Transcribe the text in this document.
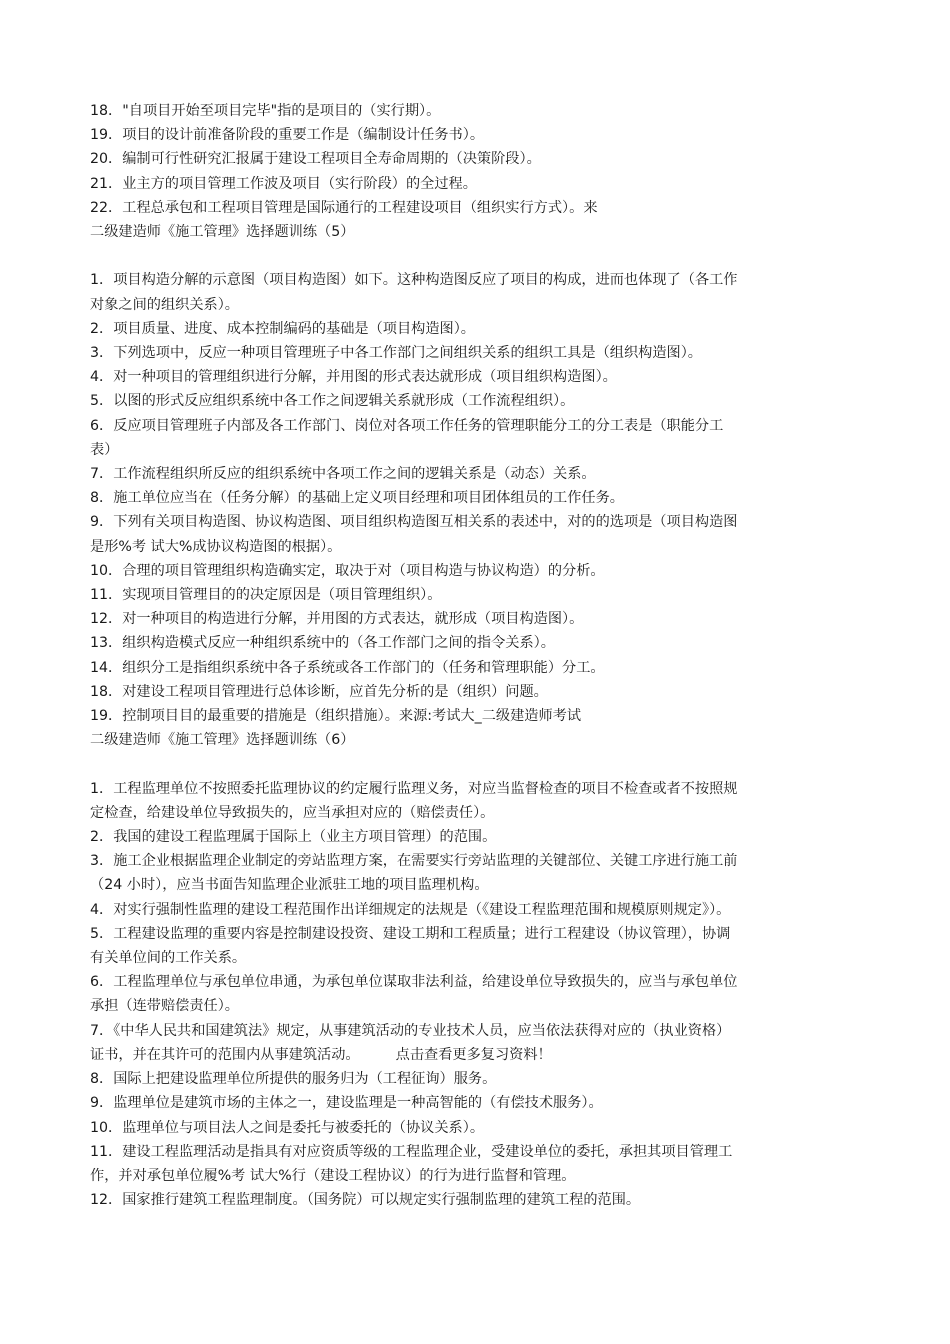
18．"自项目开始至项目完毕"指的是项目的（实行期）。
19．项目的设计前准备阶段的重要工作是（编制设计任务书）。
20．编制可行性研究汇报属于建设工程项目全寿命周期的（决策阶段）。
21．业主方的项目管理工作波及项目（实行阶段）的全过程。
22．工程总承包和工程项目管理是国际通行的工程建设项目（组织实行方式）。来
二级建造师《施工管理》选择题训练（5）
1．项目构造分解的示意图（项目构造图）如下。这种构造图反应了项目的构成，进而也体现了（各工作
对象之间的组织关系）。
2．项目质量、进度、成本控制编码的基础是（项目构造图）。
3．下列选项中，反应一种项目管理班子中各工作部门之间组织关系的组织工具是（组织构造图）。
4．对一种项目的管理组织进行分解，并用图的形式表达就形成（项目组织构造图）。
5．以图的形式反应组织系统中各工作之间逻辑关系就形成（工作流程组织）。
6．反应项目管理班子内部及各工作部门、岗位对各项工作任务的管理职能分工的分工表是（职能分工
表）
7．工作流程组织所反应的组织系统中各项工作之间的逻辑关系是（动态）关系。
8．施工单位应当在（任务分解）的基础上定义项目经理和项目团体组员的工作任务。
9．下列有关项目构造图、协议构造图、项目组织构造图互相关系的表述中，对的的选项是（项目构造图
是形%考 试大%成协议构造图的根据）。
10．合理的项目管理组织构造确实定，取决于对（项目构造与协议构造）的分析。
11．实现项目管理目的的决定原因是（项目管理组织）。
12．对一种项目的构造进行分解，并用图的方式表达，就形成（项目构造图）。
13．组织构造模式反应一种组织系统中的（各工作部门之间的指令关系）。
14．组织分工是指组织系统中各子系统或各工作部门的（任务和管理职能）分工。
18．对建设工程项目管理进行总体诊断，应首先分析的是（组织）问题。
19．控制项目目的最重要的措施是（组织措施）。来源:考试大_二级建造师考试
二级建造师《施工管理》选择题训练（6）
1．工程监理单位不按照委托监理协议的约定履行监理义务，对应当监督检查的项目不检查或者不按照规
定检查，给建设单位导致损失的，应当承担对应的（赔偿责任）。
2．我国的建设工程监理属于国际上（业主方项目管理）的范围。
3．施工企业根据监理企业制定的旁站监理方案，在需要实行旁站监理的关键部位、关键工序进行施工前
（24 小时），应当书面告知监理企业派驻工地的项目监理机构。
4．对实行强制性监理的建设工程范围作出详细规定的法规是（《建设工程监理范围和规模原则规定》）。
5．工程建设监理的重要内容是控制建设投资、建设工期和工程质量；进行工程建设（协议管理），协调
有关单位间的工作关系。
6．工程监理单位与承包单位串通，为承包单位谋取非法利益，给建设单位导致损失的，应当与承包单位
承担（连带赔偿责任）。
7．《中华人民共和国建筑法》规定，从事建筑活动的专业技术人员，应当依法获得对应的（执业资格）
证书，并在其许可的范围内从事建筑活动。        点击查看更多复习资料！
8．国际上把建设监理单位所提供的服务归为（工程征询）服务。
9．监理单位是建筑市场的主体之一，建设监理是一种高智能的（有偿技术服务）。
10．监理单位与项目法人之间是委托与被委托的（协议关系）。
11．建设工程监理活动是指具有对应资质等级的工程监理企业，受建设单位的委托，承担其项目管理工
作，并对承包单位履%考 试大%行（建设工程协议）的行为进行监督和管理。
12．国家推行建筑工程监理制度。（国务院）可以规定实行强制监理的建筑工程的范围。
